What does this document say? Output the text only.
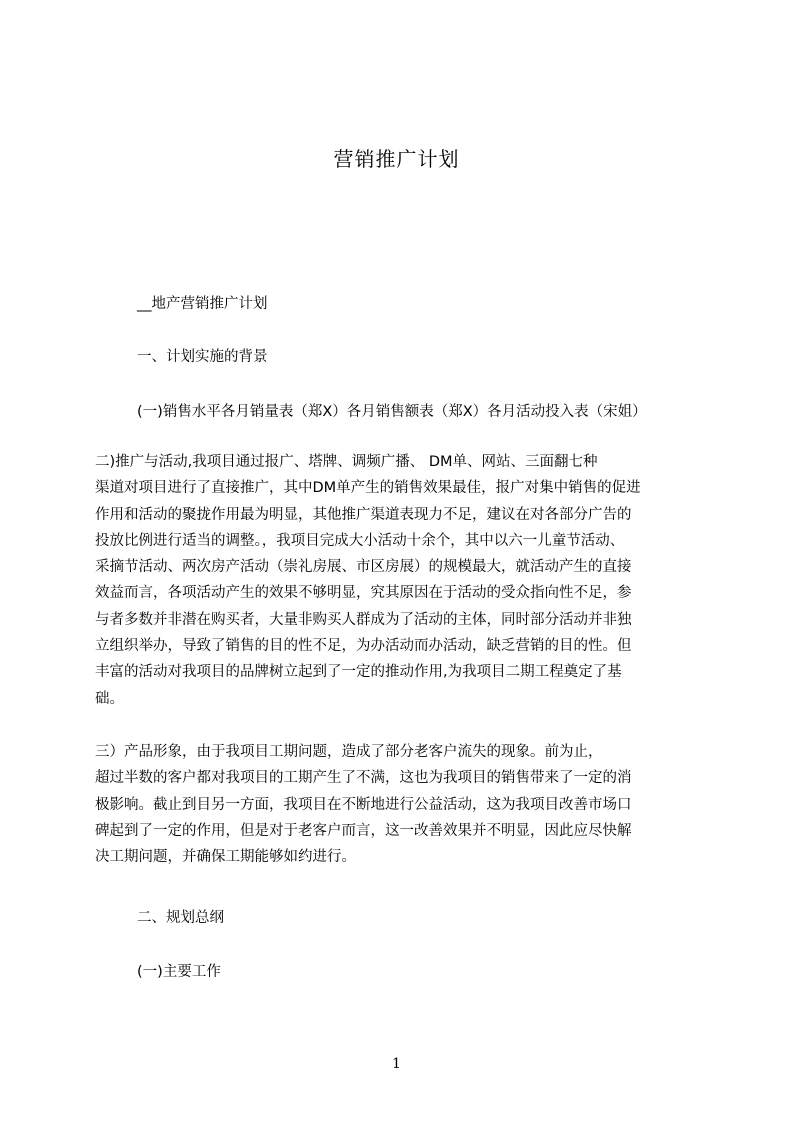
营销推广计划
__地产营销推广计划
一、计划实施的背景
(一)销售水平各月销量表（郑X）各月销售额表（郑X）各月活动投入表（宋姐）
二)推广与活动,我项目通过报广、塔牌、调频广播、 DM单、网站、三面翻七种
渠道对项目进行了直接推广，其中DM单产生的销售效果最佳，报广对集中销售的促进
作用和活动的聚拢作用最为明显，其他推广渠道表现力不足，建议在对各部分广告的
投放比例进行适当的调整。，我项目完成大小活动十余个，其中以六一儿童节活动、
采摘节活动、两次房产活动（崇礼房展、市区房展）的规模最大，就活动产生的直接
效益而言，各项活动产生的效果不够明显，究其原因在于活动的受众指向性不足，参
与者多数并非潜在购买者，大量非购买人群成为了活动的主体，同时部分活动并非独
立组织举办，导致了销售的目的性不足，为办活动而办活动，缺乏营销的目的性。但
丰富的活动对我项目的品牌树立起到了一定的推动作用,为我项目二期工程奠定了基
础。
三）产品形象，由于我项目工期问题，造成了部分老客户流失的现象。前为止，
超过半数的客户都对我项目的工期产生了不满，这也为我项目的销售带来了一定的消
极影响。截止到目另一方面，我项目在不断地进行公益活动，这为我项目改善市场口
碑起到了一定的作用，但是对于老客户而言，这一改善效果并不明显，因此应尽快解
决工期问题，并确保工期能够如约进行。
二、规划总纲
(一)主要工作
1
